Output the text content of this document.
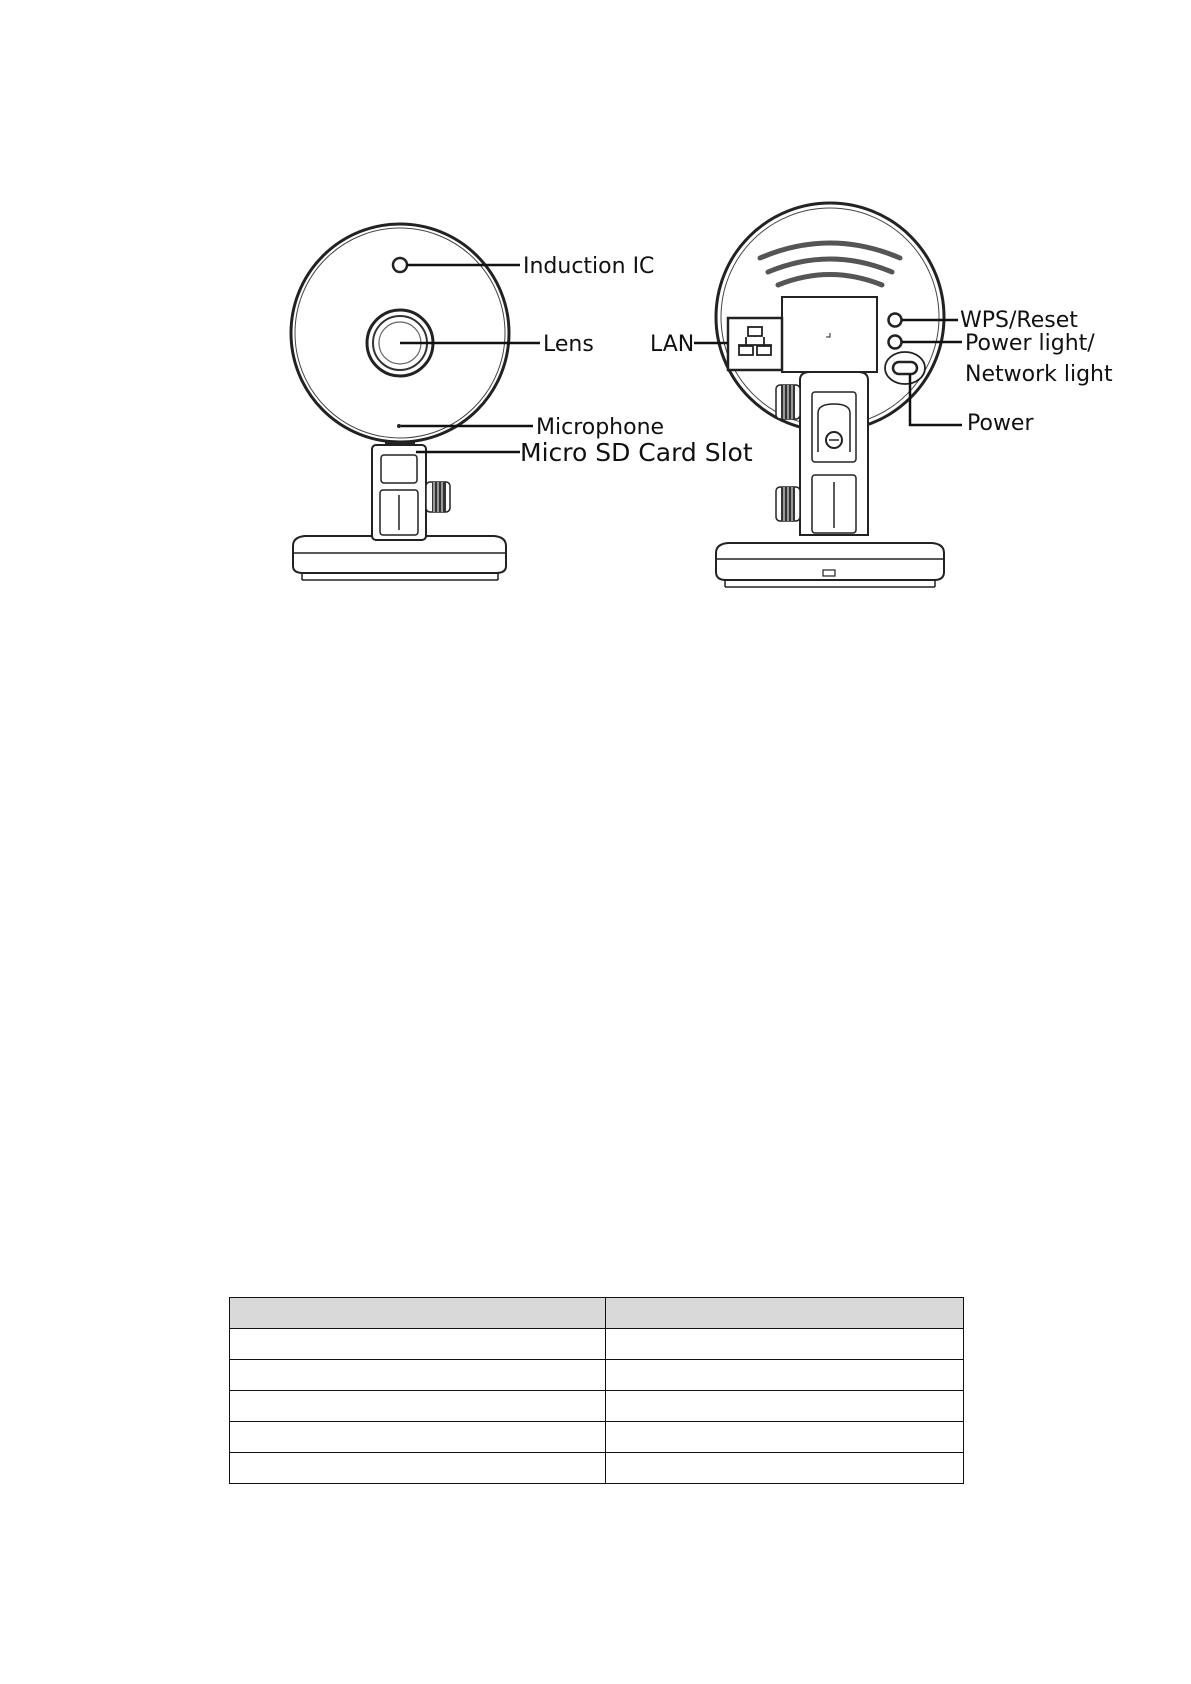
Induction IC
Lens
Microphone
Micro SD Card Slot
LAN
WPS/Reset
Power light/
Network light
Power
